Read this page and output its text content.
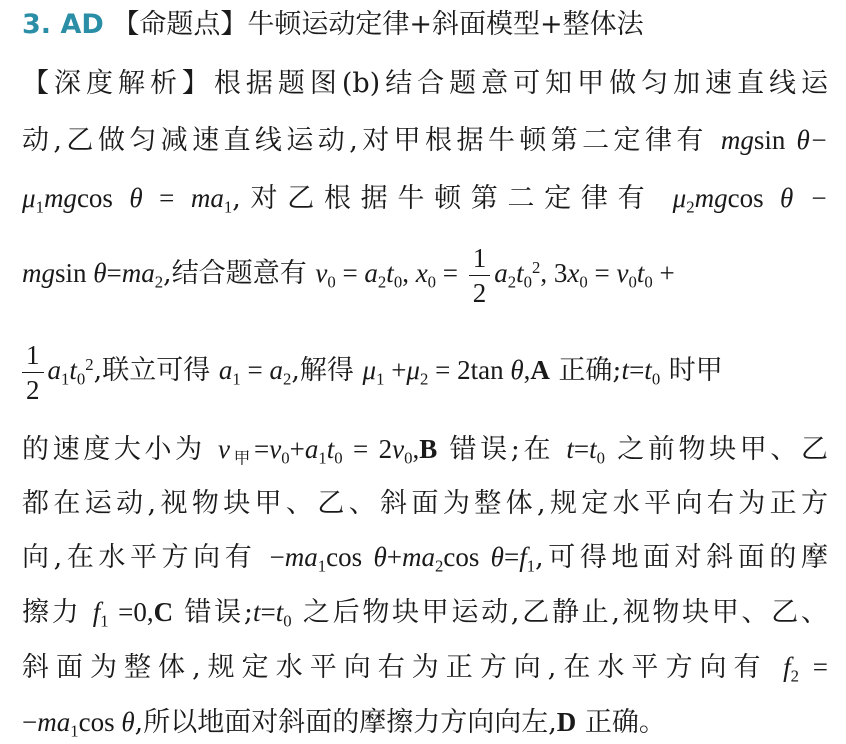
3. AD 【命题点】牛顿运动定律+斜面模型+整体法
【深度解析】根据题图(b)结合题意可知甲做匀加速直线运
动,乙做匀减速直线运动,对甲根据牛顿第二定律有 mgsin θ−
$\mu_1mgcos$ $\theta = ma_1$,对乙根据牛顿第二定律有 $\mu_2mgcos$ θ −
mgsin $\theta=ma_2$,结合题意有 $v_0 = a_2t_0$, $x_0 = \frac{1}{2} a_2t_0^2$, $3x_0 = v_0t_0$ +
$\frac{1}{2} a_1t_0^2$,联立可得 $a_1 = a_2$,解得 $\mu_1 +\mu_2 = 2\tan$ θ,A 正确$;t=t_0$ 时甲
的速度大小为 $v_甲=v_0+a_1t_0 = 2v_0,B$ 错误;在 $t=t_0$ 之前物块甲、乙
都在运动,视物块甲、乙、斜面为整体,规定水平向右为正方
向,在水平方向有 $-ma_1\cos$ $\theta+ma_2\cos$ $\theta=f_1$,可得地面对斜面的摩
擦力 $f_1 =0,C$ 错误$;t=t_0$ 之后物块甲运动,乙静止,视物块甲、乙、
斜面为整体,规定水平向右为正方向,在水平方向有 $f_2$ =
$-ma_1\cos$ θ,所以地面对斜面的摩擦力方向向左,D 正确。
